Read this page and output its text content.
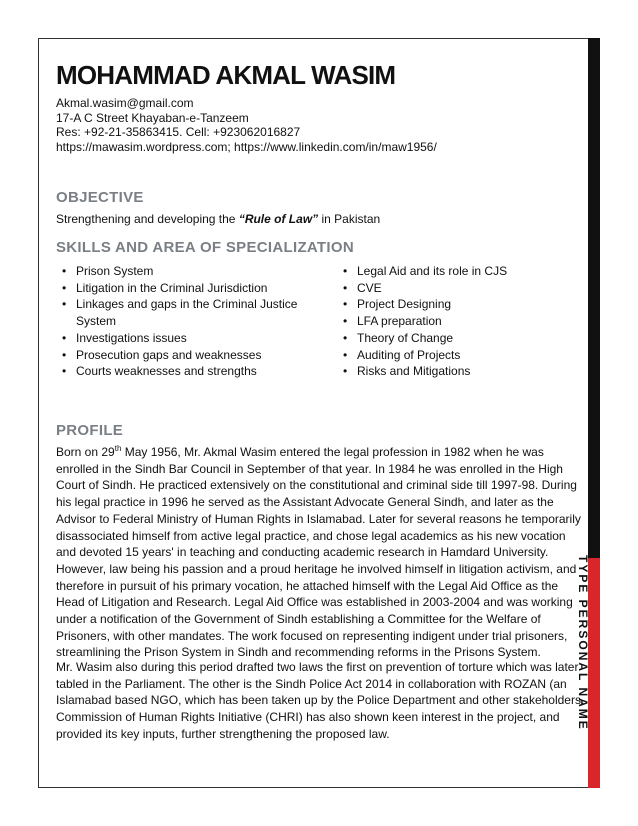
TYPE PERSONAL NAME
MOHAMMAD AKMAL WASIM
Akmal.wasim@gmail.com
17-A C Street Khayaban-e-Tanzeem
Res: +92-21-35863415. Cell: +923062016827
https://mawasim.wordpress.com; https://www.linkedin.com/in/maw1956/
OBJECTIVE
Strengthening and developing the “Rule of Law” in Pakistan
SKILLS AND AREA OF SPECIALIZATION
• Prison System
• Litigation in the Criminal Jurisdiction
• Linkages and gaps in the Criminal Justice System
• Investigations issues
• Prosecution gaps and weaknesses
• Courts weaknesses and strengths
• Legal Aid and its role in CJS
• CVE
• Project Designing
• LFA preparation
• Theory of Change
• Auditing of Projects
• Risks and Mitigations
PROFILE

Born on 29th May 1956, Mr. Akmal Wasim entered the legal profession in 1982 when he was enrolled in the Sindh Bar Council in September of that year. In 1984 he was enrolled in the High Court of Sindh. He practiced extensively on the constitutional and criminal side till 1997-98. During his legal practice in 1996 he served as the Assistant Advocate General Sindh, and later as the Advisor to Federal Ministry of Human Rights in Islamabad. Later for several reasons he temporarily disassociated himself from active legal practice, and chose legal academics as his new vocation and devoted 15 years' in teaching and conducting academic research in Hamdard University. However, law being his passion and a proud heritage he involved himself in litigation activism, and therefore in pursuit of his primary vocation, he attached himself with the Legal Aid Office as the Head of Litigation and Research. Legal Aid Office was established in 2003-2004 and was working under a notification of the Government of Sindh establishing a Committee for the Welfare of Prisoners, with other mandates. The work focused on representing indigent under trial prisoners, streamlining the Prison System in Sindh and recommending reforms in the Prisons System.

Mr. Wasim also during this period drafted two laws the first on prevention of torture which was later tabled in the Parliament. The other is the Sindh Police Act 2014 in collaboration with ROZAN (an Islamabad based NGO, which has been taken up by the Police Department and other stakeholders. Commission of Human Rights Initiative (CHRI) has also shown keen interest in the project, and provided its key inputs, further strengthening the proposed law.
